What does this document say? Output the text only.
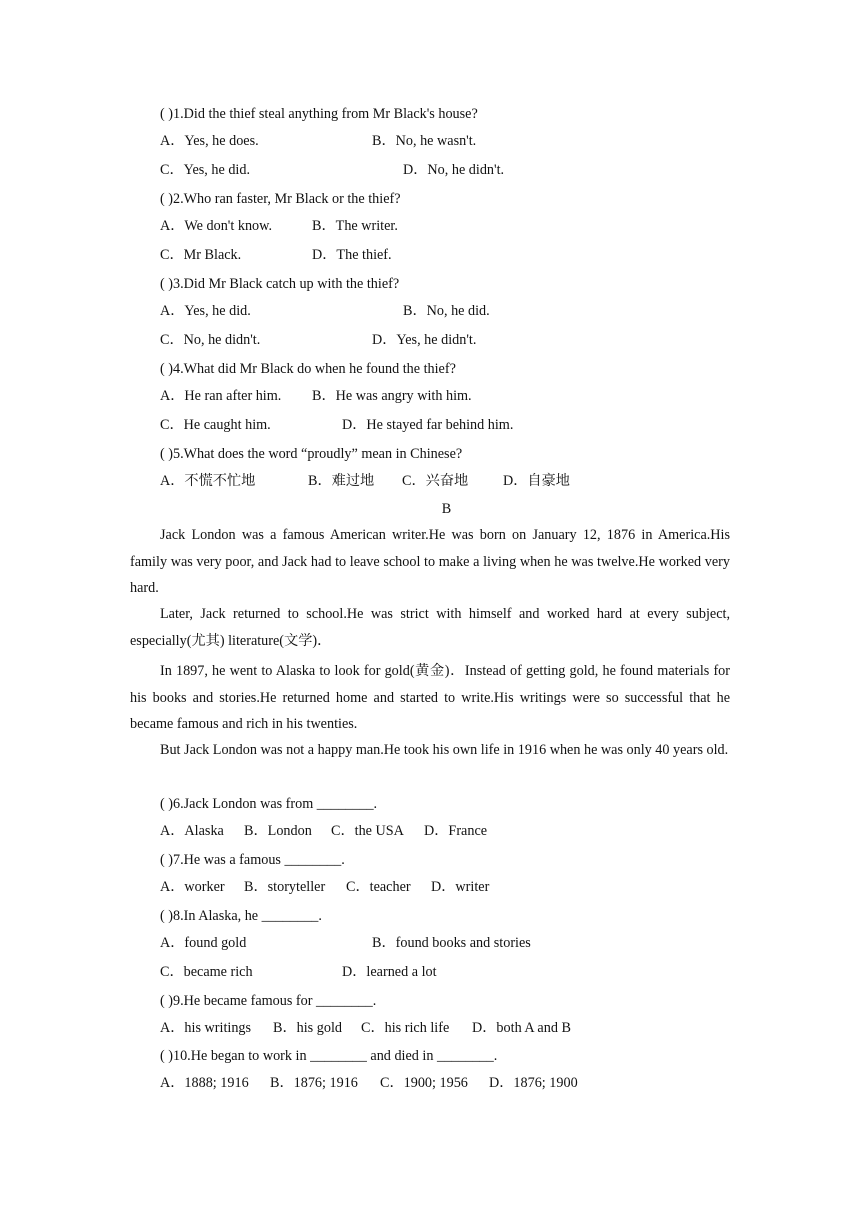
( )1.Did the thief steal anything from Mr Black's house?
A．Yes, he does.	B．No, he wasn't.
C．Yes, he did.	D．No, he didn't.
( )2.Who ran faster, Mr Black or the thief?
A．We don't know.	B．The writer.
C．Mr Black.	D．The thief.
( )3.Did Mr Black catch up with the thief?
A．Yes, he did.	B．No, he did.
C．No, he didn't.	D．Yes, he didn't.
( )4.What did Mr Black do when he found the thief?
A．He ran after him. B．He was angry with him.
C．He caught him.	D．He stayed far behind him.
( )5.What does the word “proudly” mean in Chinese?
A．不慌不忙地	B．难过地 C．兴奋地 D．自豪地
B
Jack London was a famous American writer.He was born on January 12, 1876 in America.His family was very poor, and Jack had to leave school to make a living when he was twelve.He worked very hard.
Later, Jack returned to school.He was strict with himself and worked hard at every subject, especially(尤其) literature(文学)．
In 1897, he went to Alaska to look for gold(黄金)．Instead of getting gold, he found materials for his books and stories.He returned home and started to write.His writings were so successful that he became famous and rich in his twenties.
But Jack London was not a happy man.He took his own life in 1916 when he was only 40 years old.
( )6.Jack London was from ________.
A．Alaska B．London C．the USA D．France
( )7.He was a famous ________.
A．worker B．storyteller C．teacher D．writer
( )8.In Alaska, he ________.
A．found gold	B．found books and stories
C．became rich	D．learned a lot
( )9.He became famous for ________.
A．his writings B．his gold C．his rich life D．both A and B
( )10.He began to work in ________ and died in ________.
A．1888; 1916 B．1876; 1916 C．1900; 1956 D．1876; 1900
